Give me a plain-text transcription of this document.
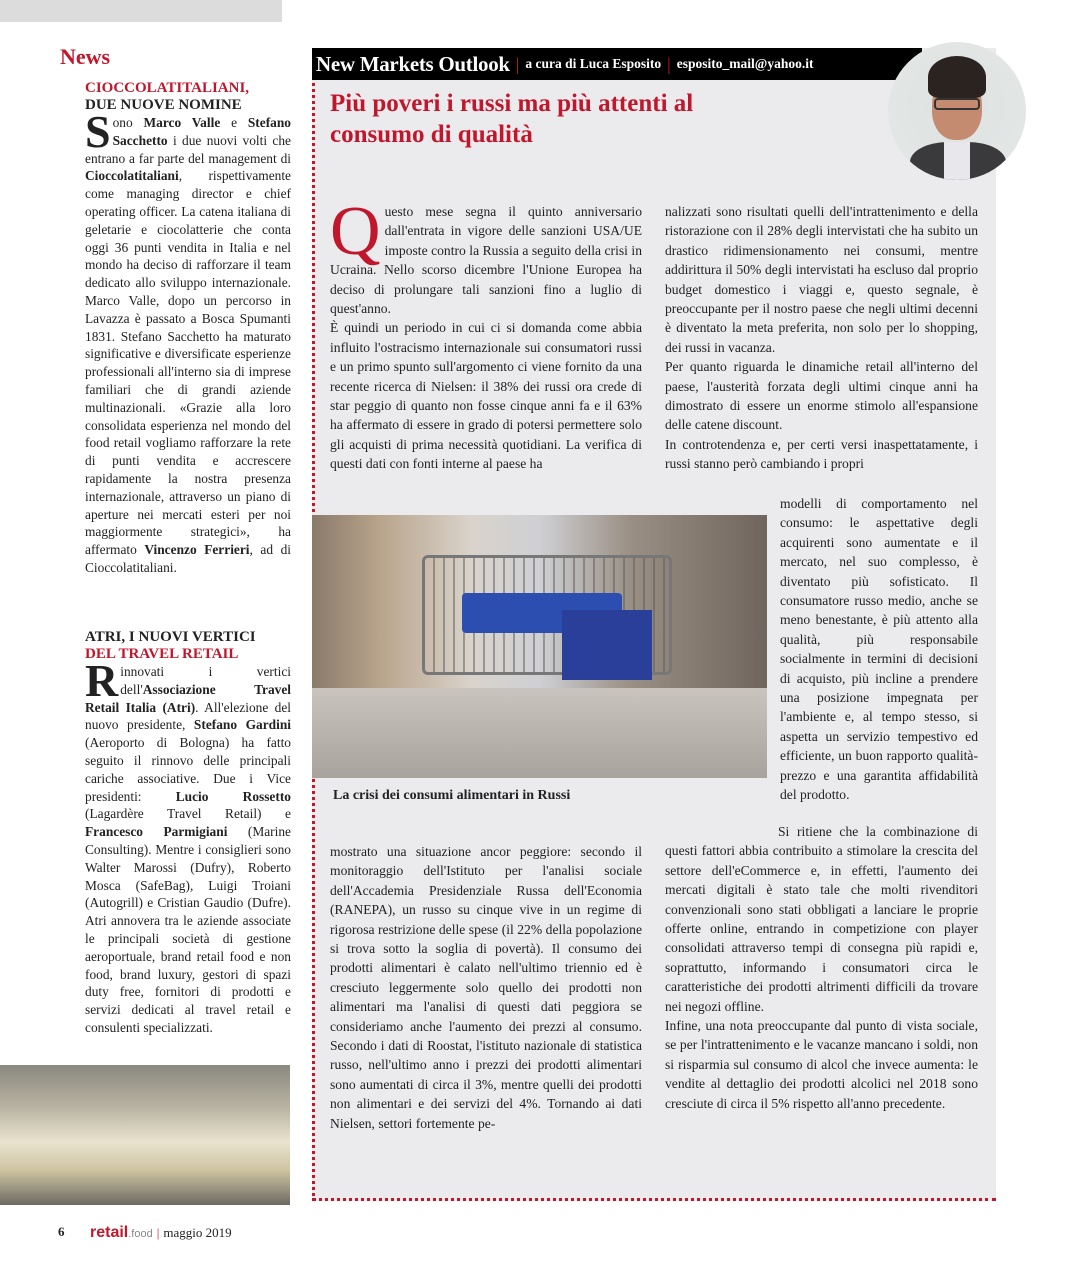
News
CIOCCOLATITALIANI,
DUE NUOVE NOMINE

Sono Marco Valle e Stefano Sacchetto i due nuovi volti che entrano a far parte del management di Cioccolatitaliani, rispettivamente come managing director e chief operating officer. La catena italiana di geletarie e ciocolatterie che conta oggi 36 punti vendita in Italia e nel mondo ha deciso di rafforzare il team dedicato allo sviluppo internazionale. Marco Valle, dopo un percorso in Lavazza è passato a Bosca Spumanti 1831. Stefano Sacchetto ha maturato significative e diversificate esperienze professionali all'interno sia di imprese familiari che di grandi aziende multinazionali. «Grazie alla loro consolidata esperienza nel mondo del food retail vogliamo rafforzare la rete di punti vendita e accrescere rapidamente la nostra presenza internazionale, attraverso un piano di aperture nei mercati esteri per noi maggiormente strategici», ha affermato Vincenzo Ferrieri, ad di Cioccolatitaliani.

ATRI, I NUOVI VERTICI
DEL TRAVEL RETAIL

Rinnovati i vertici dell'Associazione Travel Retail Italia (Atri). All'elezione del nuovo presidente, Stefano Gardini (Aeroporto di Bologna) ha fatto seguito il rinnovo delle principali cariche associative. Due i Vice presidenti: Lucio Rossetto (Lagardère Travel Retail) e Francesco Parmigiani (Marine Consulting). Mentre i consiglieri sono Walter Marossi (Dufry), Roberto Mosca (SafeBag), Luigi Troiani (Autogrill) e Cristian Gaudio (Dufre). Atri annovera tra le aziende associate le principali società di gestione aeroportuale, brand retail food e non food, brand luxury, gestori di spazi duty free, fornitori di prodotti e servizi dedicati al travel retail e consulenti specializzati.

New Markets Outlook | a cura di Luca Esposito | esposito_mail@yahoo.it
Più poveri i russi ma più attenti al consumo di qualità

Questo mese segna il quinto anniversario dall'entrata in vigore delle sanzioni USA/UE imposte contro la Russia a seguito della crisi in Ucraina. Nello scorso dicembre l'Unione Europea ha deciso di prolungare tali sanzioni fino a luglio di quest'anno.

È quindi un periodo in cui ci si domanda come abbia influito l'ostracismo internazionale sui consumatori russi e un primo spunto sull'argomento ci viene fornito da una recente ricerca di Nielsen: il 38% dei russi ora crede di star peggio di quanto non fosse cinque anni fa e il 63% ha affermato di essere in grado di potersi permettere solo gli acquisti di prima necessità quotidiani. La verifica di questi dati con fonti interne al paese ha

La crisi dei consumi alimentari in Russi
mostrato una situazione ancor peggiore: secondo il monitoraggio dell'Istituto per l'analisi sociale dell'Accademia Presidenziale Russa dell'Economia (RANEPA), un russo su cinque vive in un regime di rigorosa restrizione delle spese (il 22% della popolazione si trova sotto la soglia di povertà). Il consumo dei prodotti alimentari è calato nell'ultimo triennio ed è cresciuto leggermente solo quello dei prodotti non alimentari ma l'analisi di questi dati peggiora se consideriamo anche l'aumento dei prezzi al consumo. Secondo i dati di Roostat, l'istituto nazionale di statistica russo, nell'ultimo anno i prezzi dei prodotti alimentari sono aumentati di circa il 3%, mentre quelli dei prodotti non alimentari e dei servizi del 4%. Tornando ai dati Nielsen, settori fortemente pe-

nalizzati sono risultati quelli dell'intrattenimento e della ristorazione con il 28% degli intervistati che ha subito un drastico ridimensionamento nei consumi, mentre addirittura il 50% degli intervistati ha escluso dal proprio budget domestico i viaggi e, questo segnale, è preoccupante per il nostro paese che negli ultimi decenni è diventato la meta preferita, non solo per lo shopping, dei russi in vacanza.

Per quanto riguarda le dinamiche retail all'interno del paese, l'austerità forzata degli ultimi cinque anni ha dimostrato di essere un enorme stimolo all'espansione delle catene discount.

In controtendenza e, per certi versi inaspettatamente, i russi stanno però cambiando i propri

modelli di comportamento nel consumo: le aspettative degli acquirenti sono aumentate e il mercato, nel suo complesso, è diventato più sofisticato. Il consumatore russo medio, anche se meno benestante, è più attento alla qualità, più responsabile socialmente in termini di decisioni di acquisto, più incline a prendere una posizione impegnata per l'ambiente e, al tempo stesso, si aspetta un servizio tempestivo ed efficiente, un buon rapporto qualità-prezzo e una garantita affidabilità del prodotto.

Si ritiene che la combinazione di questi fattori abbia contribuito a stimolare la crescita del settore dell'eCommerce e, in effetti, l'aumento dei mercati digitali è stato tale che molti rivenditori convenzionali sono stati obbligati a lanciare le proprie offerte online, entrando in competizione con player consolidati attraverso tempi di consegna più rapidi e, soprattutto, informando i consumatori circa le caratteristiche dei prodotti altrimenti difficili da trovare nei negozi offline.

Infine, una nota preoccupante dal punto di vista sociale, se per l'intrattenimento e le vacanze mancano i soldi, non si risparmia sul consumo di alcol che invece aumenta: le vendite al dettaglio dei prodotti alcolici nel 2018 sono cresciute di circa il 5% rispetto all'anno precedente.

6 retail.food | maggio 2019
